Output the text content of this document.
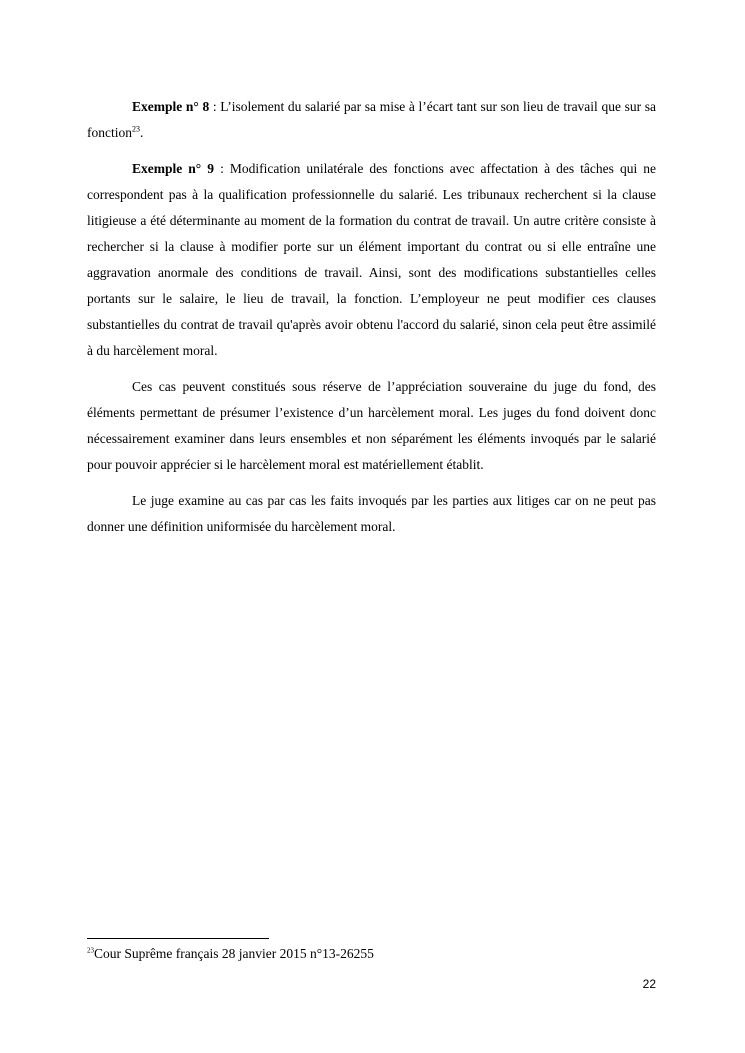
Exemple n° 8 : L’isolement du salarié par sa mise à l’écart tant sur son lieu de travail que sur sa fonction$^{23}$.

Exemple n° 9 : Modification unilatérale des fonctions avec affectation à des tâches qui ne correspondent pas à la qualification professionnelle du salarié. Les tribunaux recherchent si la clause litigieuse a été déterminante au moment de la formation du contrat de travail. Un autre critère consiste à rechercher si la clause à modifier porte sur un élément important du contrat ou si elle entraîne une aggravation anormale des conditions de travail. Ainsi, sont des modifications substantielles celles portants sur le salaire, le lieu de travail, la fonction. L’employeur ne peut modifier ces clauses substantielles du contrat de travail qu'après avoir obtenu l'accord du salarié, sinon cela peut être assimilé à du harcèlement moral.

Ces cas peuvent constitués sous réserve de l’appréciation souveraine du juge du fond, des éléments permettant de présumer l’existence d’un harcèlement moral. Les juges du fond doivent donc nécessairement examiner dans leurs ensembles et non séparément les éléments invoqués par le salarié pour pouvoir apprécier si le harcèlement moral est matériellement établit.

Le juge examine au cas par cas les faits invoqués par les parties aux litiges car on ne peut pas donner une définition uniformisée du harcèlement moral.

$^{23}$Cour Suprême français 28 janvier 2015 n°13-26255
22
